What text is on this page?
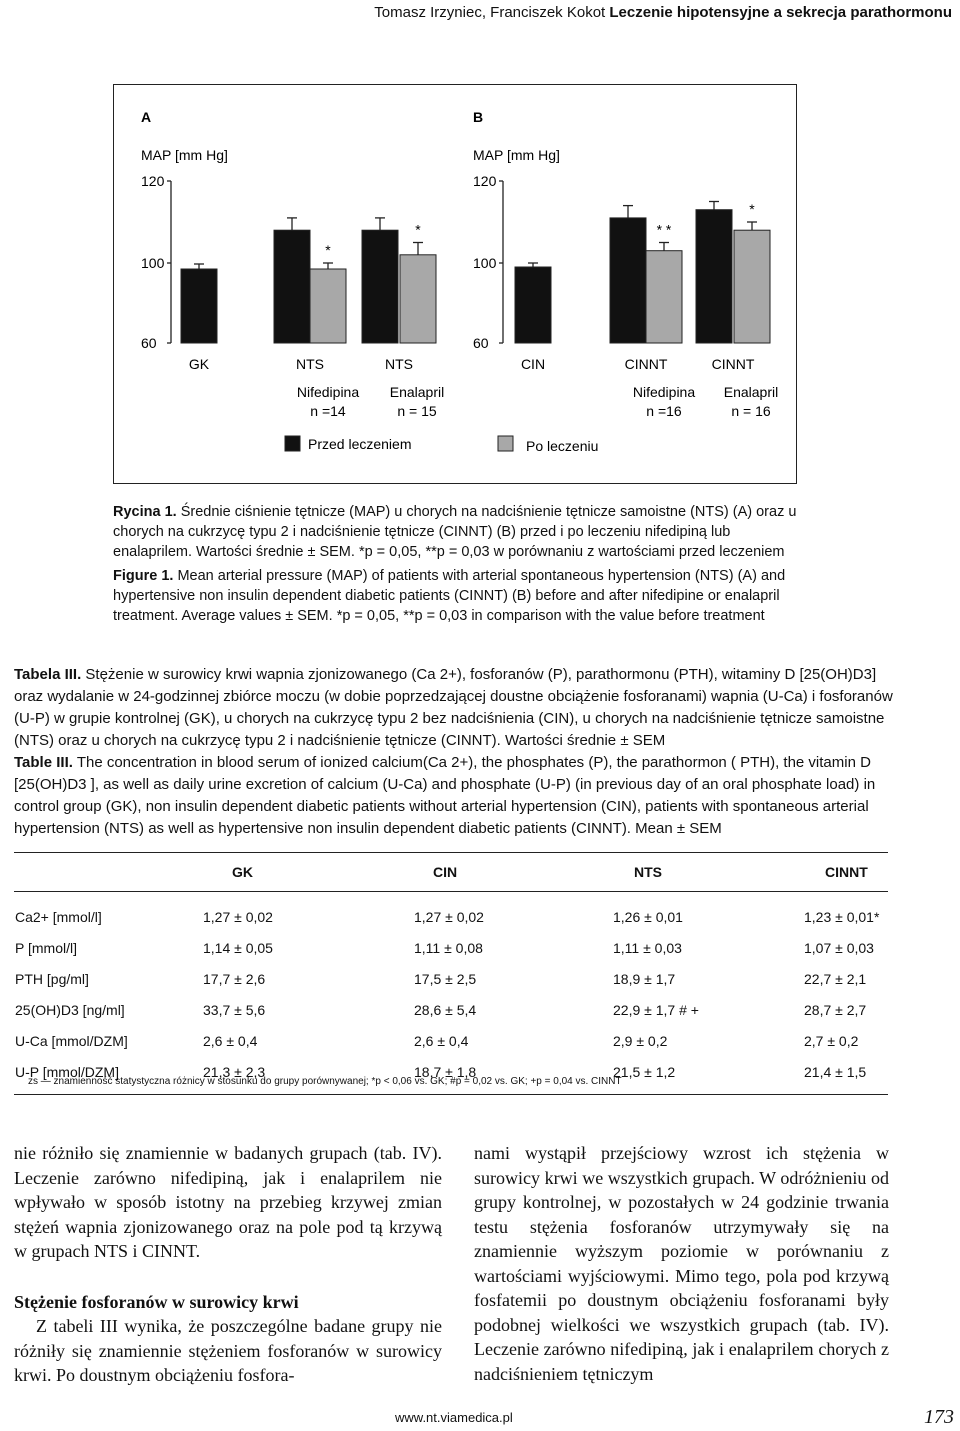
Tomasz Irzyniec, Franciszek Kokot Leczenie hipotensyjne a sekrecja parathormonu
A
MAP [mm Hg]
60
100
120
GK
*
NTS
Nifedipina
n =14
*
NTS
Enalapril
n = 15
B
MAP [mm Hg]
60
100
120
CIN
* *
CINNT
Nifedipina
n =16
*
CINNT
Enalapril
n = 16
Przed leczeniem	Po leczeniu
Rycina 1. Średnie ciśnienie tętnicze (MAP) u chorych na nadciśnienie tętnicze samoistne (NTS) (A) oraz u chorych na cukrzycę typu 2 i nadciśnienie tętnicze (CINNT) (B) przed i po leczeniu nifedipiną lub enalaprilem. Wartości średnie ± SEM. *p = 0,05, **p = 0,03 w porównaniu z wartościami przed leczeniem
Figure 1. Mean arterial pressure (MAP) of patients with arterial spontaneous hypertension (NTS) (A) and hypertensive non insulin dependent diabetic patients (CINNT) (B) before and after nifedipine or enalapril treatment. Average values ± SEM. *p = 0,05, **p = 0,03 in comparison with the value before treatment
Tabela III. Stężenie w surowicy krwi wapnia zjonizowanego (Ca 2+), fosforanów (P), parathormonu (PTH), witaminy D [25(OH)D3] oraz wydalanie w 24-godzinnej zbiórce moczu (w dobie poprzedzającej doustne obciążenie fosforanami) wapnia (U-Ca) i fosforanów (U-P) w grupie kontrolnej (GK), u chorych na cukrzycę typu 2 bez nadciśnienia (CIN), u chorych na nadciśnienie tętnicze samoistne (NTS) oraz u chorych na cukrzycę typu 2 i nadciśnienie tętnicze (CINNT). Wartości średnie ± SEM
Table III. The concentration in blood serum of ionized calcium(Ca 2+), the phosphates (P), the parathormon ( PTH), the vitamin D [25(OH)D3 ], as well as daily urine excretion of calcium (U-Ca) and phosphate (U-P) (in previous day of an oral phosphate load) in control group (GK), non insulin dependent diabetic patients without arterial hypertension (CIN), patients with spontaneous arterial hypertension (NTS) as well as hypertensive non insulin dependent diabetic patients (CINNT). Mean ± SEM
	GK	CIN	NTS	CINNT
Ca2+ [mmol/l]	1,27 ± 0,02	1,27 ± 0,02	1,26 ± 0,01	1,23 ± 0,01*
P [mmol/l]	1,14 ± 0,05	1,11 ± 0,08	1,11 ± 0,03	1,07 ± 0,03
PTH [pg/ml]	17,7 ± 2,6	17,5 ± 2,5	18,9 ± 1,7	22,7 ± 2,1
25(OH)D3 [ng/ml]	33,7 ± 5,6	28,6 ± 5,4	22,9 ± 1,7 # +	28,7 ± 2,7
U-Ca [mmol/DZM]	2,6 ± 0,4	2,6 ± 0,4	2,9 ± 0,2	2,7 ± 0,2
U-P [mmol/DZM]	21,3 ± 2,3	18,7 ± 1,8	21,5 ± 1,2	21,4 ± 1,5
zs — znamienność statystyczna różnicy w stosunku do grupy porównywanej; *p < 0,06 vs. GK; #p = 0,02 vs. GK; +p = 0,04 vs. CINNT

nie różniło się znamiennie w badanych grupach (tab. IV). Leczenie zarówno nifedipiną, jak i enalaprilem nie wpływało w sposób istotny na przebieg krzywej zmian stężeń wapnia zjonizowanego oraz na pole pod tą krzywą w grupach NTS i CINNT.

Stężenie fosforanów w surowicy krwi

Z tabeli III wynika, że poszczególne badane grupy nie różniły się znamiennie stężeniem fosforanów w surowicy krwi. Po doustnym obciążeniu fosfora-

nami wystąpił przejściowy wzrost ich stężenia w surowicy krwi we wszystkich grupach. W odróżnieniu od grupy kontrolnej, w pozostałych w 24 godzinie trwania testu stężenia fosforanów utrzymywały się na znamiennie wyższym poziomie w porównaniu z wartościami wyjściowymi. Mimo tego, pola pod krzywą fosfatemii po doustnym obciążeniu fosforanami były podobnej wielkości we wszystkich grupach (tab. IV). Leczenie zarówno nifedipiną, jak i enalaprilem chorych z nadciśnieniem tętniczym

www.nt.viamedica.pl	173
